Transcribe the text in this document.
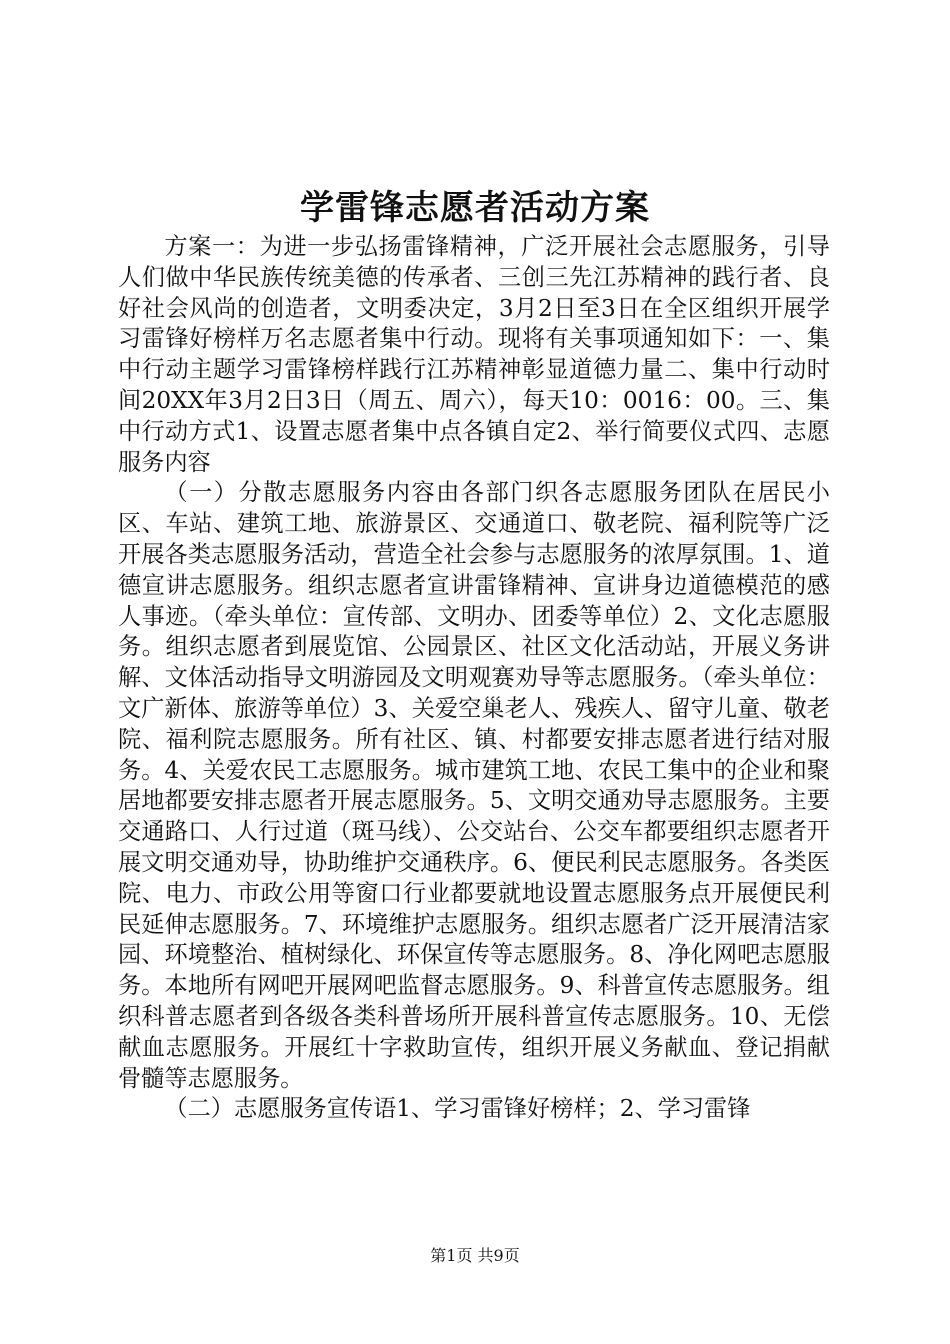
学雷锋志愿者活动方案

方案一：为进一步弘扬雷锋精神，广泛开展社会志愿服务，引导人们做中华民族传统美德的传承者、三创三先江苏精神的践行者、良好社会风尚的创造者，文明委决定，3月2日至3日在全区组织开展学习雷锋好榜样万名志愿者集中行动。现将有关事项通知如下：一、集中行动主题学习雷锋榜样践行江苏精神彰显道德力量二、集中行动时间20XX年3月2日3日（周五、周六），每天10：0016：00。三、集中行动方式1、设置志愿者集中点各镇自定2、举行简要仪式四、志愿服务内容

（一）分散志愿服务内容由各部门织各志愿服务团队在居民小区、车站、建筑工地、旅游景区、交通道口、敬老院、福利院等广泛开展各类志愿服务活动，营造全社会参与志愿服务的浓厚氛围。1、道德宣讲志愿服务。组织志愿者宣讲雷锋精神、宣讲身边道德模范的感人事迹。（牵头单位：宣传部、文明办、团委等单位）2、文化志愿服务。组织志愿者到展览馆、公园景区、社区文化活动站，开展义务讲解、文体活动指导文明游园及文明观赛劝导等志愿服务。（牵头单位：文广新体、旅游等单位）3、关爱空巢老人、残疾人、留守儿童、敬老院、福利院志愿服务。所有社区、镇、村都要安排志愿者进行结对服务。4、关爱农民工志愿服务。城市建筑工地、农民工集中的企业和聚居地都要安排志愿者开展志愿服务。5、文明交通劝导志愿服务。主要交通路口、人行过道（斑马线）、公交站台、公交车都要组织志愿者开展文明交通劝导，协助维护交通秩序。6、便民利民志愿服务。各类医院、电力、市政公用等窗口行业都要就地设置志愿服务点开展便民利民延伸志愿服务。7、环境维护志愿服务。组织志愿者广泛开展清洁家园、环境整治、植树绿化、环保宣传等志愿服务。8、净化网吧志愿服务。本地所有网吧开展网吧监督志愿服务。9、科普宣传志愿服务。组织科普志愿者到各级各类科普场所开展科普宣传志愿服务。10、无偿献血志愿服务。开展红十字救助宣传，组织开展义务献血、登记捐献骨髓等志愿服务。

（二）志愿服务宣传语1、学习雷锋好榜样；2、学习雷锋

第1页 共9页
